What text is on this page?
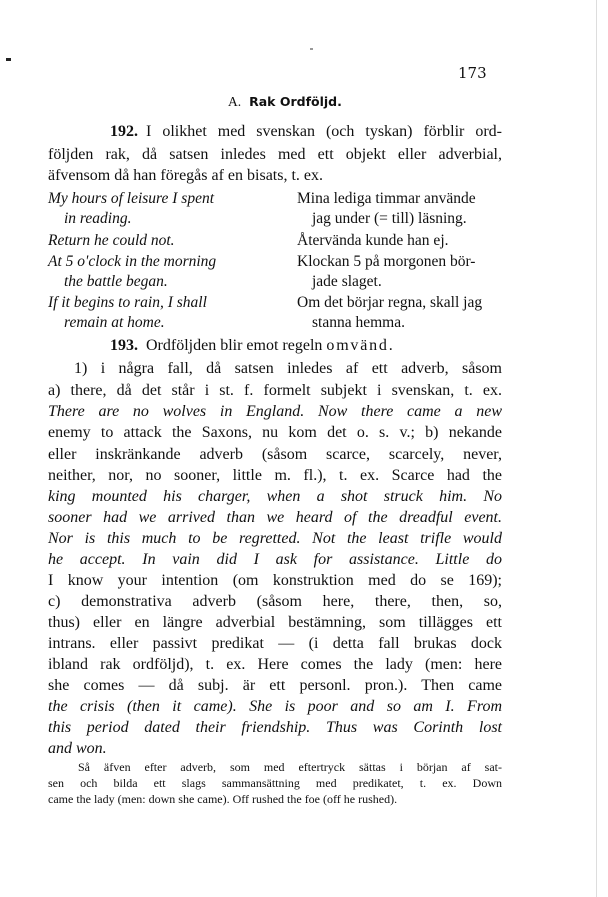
173
A. Rak Ordföljd.
192. I olikhet med svenskan (och tyskan) förblir ord-
följden rak, då satsen inledes med ett objekt eller adverbial,
äfvensom då han föregås af en bisats, t. ex.
My hours of leisure I spent
in reading.
Return he could not.
At 5 o'clock in the morning
the battle began.
If it begins to rain, I shall
remain at home.
Mina lediga timmar använde
jag under (= till) läsning.
Återvända kunde han ej.
Klockan 5 på morgonen bör-
jade slaget.
Om det börjar regna, skall jag
stanna hemma.
193. Ordföljden blir emot regeln omvänd.
1) i några fall, då satsen inledes af ett adverb, såsom
a) there, då det står i st. f. formelt subjekt i svenskan, t. ex.
There are no wolves in England. Now there came a new
enemy to attack the Saxons, nu kom det o. s. v.; b) nekande
eller inskränkande adverb (såsom scarce, scarcely, never,
neither, nor, no sooner, little m. fl.), t. ex. Scarce had the
king mounted his charger, when a shot struck him. No
sooner had we arrived than we heard of the dreadful event.
Nor is this much to be regretted. Not the least trifle would
he accept. In vain did I ask for assistance. Little do
I know your intention (om konstruktion med do se 169);
c) demonstrativa adverb (såsom here, there, then, so,
thus) eller en längre adverbial bestämning, som tillägges ett
intrans. eller passivt predikat — (i detta fall brukas dock
ibland rak ordföljd), t. ex. Here comes the lady (men: here
she comes — då subj. är ett personl. pron.). Then came
the crisis (then it came). She is poor and so am I. From
this period dated their friendship. Thus was Corinth lost
and won.
Så äfven efter adverb, som med eftertryck sättas i början af sat-
sen och bilda ett slags sammansättning med predikatet, t. ex. Down
came the lady (men: down she came). Off rushed the foe (off he rushed).
